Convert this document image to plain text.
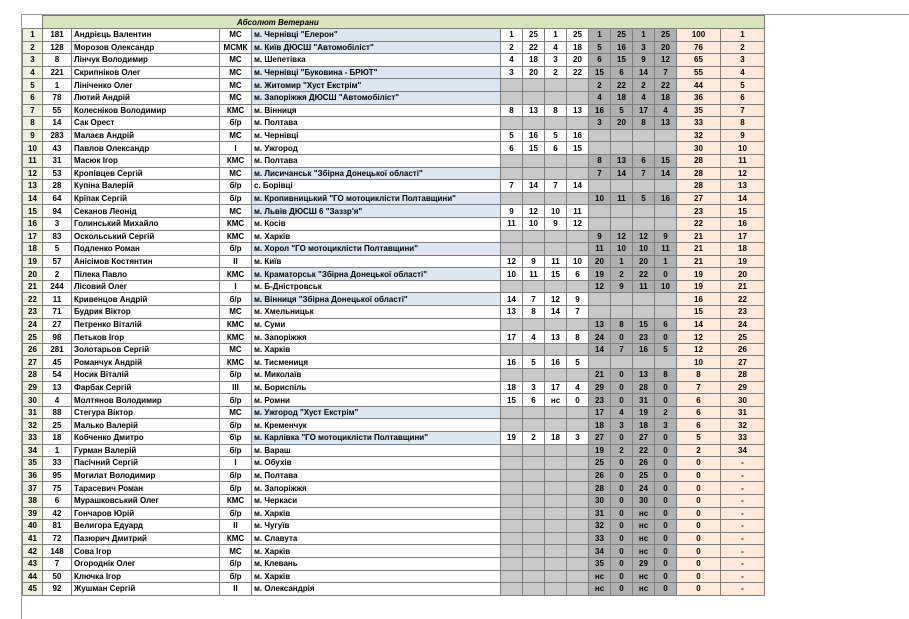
	Абсолют Ветерани													
1	181	Андрієць Валентин	МС	м. Чернівці "Елерон"	1	25	1	25	1	25	1	25	100	1
2	128	Морозов Олександр	МСМК	м. Київ ДЮСШ "Автомобіліст"	2	22	4	18	5	16	3	20	76	2
3	8	Лінчук Володимир	МС	м. Шепетівка	4	18	3	20	6	15	9	12	65	3
4	221	Скрипніков Олег	МС	м. Чернівці "Буковина - БРЮТ"	3	20	2	22	15	6	14	7	55	4
5	1	Лініченко Олег	МС	м. Житомир "Хуст Екстрім"					2	22	2	22	44	5
6	78	Лютий Андрій	МС	м. Запоріжжя ДЮСШ "Автомобіліст"					4	18	4	18	36	6
7	55	Колесніков Володимир	КМС	м. Вінниця	8	13	8	13	16	5	17	4	35	7
8	14	Сак Орест	б/р	м. Полтава					3	20	8	13	33	8
9	283	Малаєв Андрій	МС	м. Чернівці	5	16	5	16					32	9
10	43	Павлов Олександр	І	м. Ужгород	6	15	6	15					30	10
11	31	Масюк Ігор	КМС	м. Полтава					8	13	6	15	28	11
12	53	Кропівцев Сергій	МС	м. Лисичанськ "Збірна Донецької області"					7	14	7	14	28	12
13	28	Купіна Валерій	б/р	с. Борівці	7	14	7	14					28	13
14	64	Кріпак Сергій	б/р	м. Кропивницький "ГО мотоциклісти Полтавщини"					10	11	5	16	27	14
15	94	Секанов Леонід	МС	м. Львів ДЮСШ 6 "Заззр'я"	9	12	10	11					23	15
16	3	Голинський Михайло	КМС	м. Косів	11	10	9	12					22	16
17	83	Оскольський Сергій	КМС	м. Харків					9	12	12	9	21	17
18	5	Подленко Роман	б/р	м. Хорол "ГО мотоциклісти Полтавщини"					11	10	10	11	21	18
19	57	Анісімов Костянтин	ІІ	м. Київ	12	9	11	10	20	1	20	1	21	19
20	2	Пілека Павло	КМС	м. Краматорськ "Збірна Донецької області"	10	11	15	6	19	2	22	0	19	20
21	244	Лісовий Олег	І	м. Б-Дністровськ					12	9	11	10	19	21
22	11	Кривенцов Андрій	б/р	м. Вінниця "Збірна Донецької області"	14	7	12	9					16	22
23	71	Будрик Віктор	МС	м. Хмельницьк	13	8	14	7					15	23
24	27	Петренко Віталій	КМС	м. Суми					13	8	15	6	14	24
25	98	Петьков Ігор	КМС	м. Запоріжжя	17	4	13	8	24	0	23	0	12	25
26	281	Золотарьов Сергій	МС	м. Харків					14	7	16	5	12	26
27	45	Романчук Андрій	КМС	м. Тисмениця	16	5	16	5					10	27
28	54	Носик Віталій	б/р	м. Миколаїв					21	0	13	8	8	28
29	13	Фарбак Сергій	ІІІ	м. Бориспіль	18	3	17	4	29	0	28	0	7	29
30	4	Молтянов Володимир	б/р	м. Ромни	15	6	нс	0	23	0	31	0	6	30
31	88	Стегура Віктор	МС	м. Ужгород "Хуст Екстрім"					17	4	19	2	6	31
32	25	Малько Валерій	б/р	м. Кременчук					18	3	18	3	6	32
33	18	Кобченко Дмитро	б\р	м. Карлівка "ГО мотоциклісти Полтавщини"	19	2	18	3	27	0	27	0	5	33
34	1	Гурман Валерій	б/р	м. Вараш					19	2	22	0	2	34
35	33	Пасічний Сергій	І	м. Обухів					25	0	26	0	0	-
36	95	Могилат Володимир	б/р	м. Полтава					26	0	25	0	0	-
37	75	Тарасевич Роман	б/р	м. Запоріжжя					28	0	24	0	0	-
38	6	Мурашковський Олег	КМС	м. Черкаси					30	0	30	0	0	-
39	42	Гончаров Юрій	б/р	м. Харків					31	0	нс	0	0	-
40	81	Велигора Едуард	ІІ	м. Чугуїв					32	0	нс	0	0	-
41	72	Пазюрич Дмитрий	КМС	м. Славута					33	0	нс	0	0	-
42	148	Сова Ігор	МС	м. Харків					34	0	нс	0	0	-
43	7	Огороднік Олег	б/р	м. Клевань					35	0	29	0	0	-
44	50	Ключка Ігор	б/р	м. Харків					нс	0	нс	0	0	-
45	92	Жушман Сергій	ІІ	м. Олександрія					нс	0	нс	0	0	-
